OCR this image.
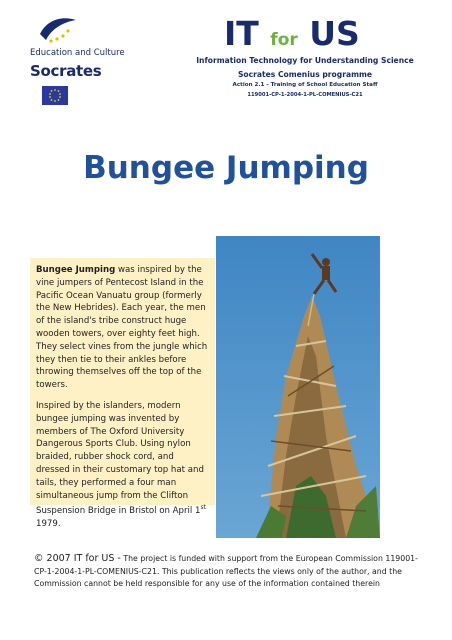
Education and Culture
Socrates
IT for US
Information Technology for Understanding Science
Socrates Comenius programme
Action 2.1 - Training of School Education Staff
119001-CP-1-2004-1-PL-COMENIUS-C21
Bungee Jumping

Bungee Jumping was inspired by the vine jumpers of Pentecost Island in the Pacific Ocean Vanuatu group (formerly the New Hebrides). Each year, the men of the island's tribe construct huge wooden towers, over eighty feet high. They select vines from the jungle which they then tie to their ankles before throwing themselves off the top of the towers.

Inspired by the islanders, modern bungee jumping was invented by members of The Oxford University Dangerous Sports Club. Using nylon braided, rubber shock cord, and dressed in their customary top hat and tails, they performed a four man simultaneous jump from the Clifton Suspension Bridge in Bristol on April 1st 1979.

© 2007 IT for US - The project is funded with support from the European Commission 119001-CP-1-2004-1-PL-COMENIUS-C21. This publication reflects the views only of the author, and the Commission cannot be held responsible for any use of the information contained therein
